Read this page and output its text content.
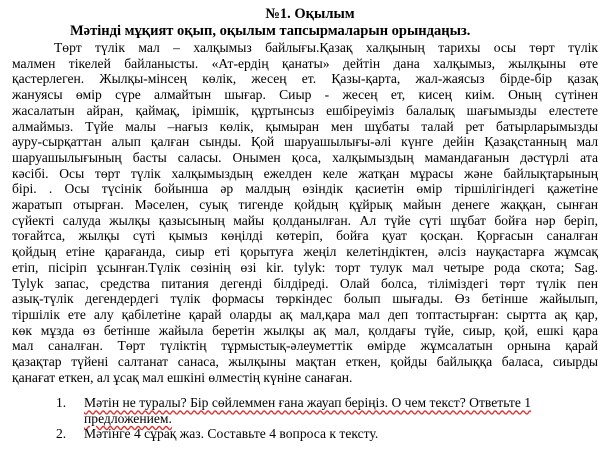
№1. Оқылым
Мәтінді мұқият оқып, оқылым тапсырмаларын орындаңыз.
Төрт түлік мал – халқымыз байлығы.Қазақ халқының тарихы осы төрт түлік
малмен тікелей байланысты. «Ат-ердің қанаты» дейтін дана халқымыз, жылқыны өте
қастерлеген. Жылқы-мінсең көлік, жесең ет. Қазы-қарта, жал-жаясыз бірде-бір қазақ
жануясы өмір сүре алмайтын шығар. Сиыр - жесең ет, кисең киім. Оның сүтінен
жасалатын айран, қаймақ, ірімшік, құртынсыз ешбіреуіміз балалық шағымызды елестете
алмаймыз. Түйе малы –нағыз көлік, қымыран мен шұбаты талай рет батырларымызды
ауру-сырқаттан алып қалған сынды. Қой шаруашылығы-әлі күнге дейін Қазақстанның мал
шаруашылығының басты саласы. Онымен қоса, халқымыздың мамандағанын дәстүрлі ата
кәсібі. Осы төрт түлік халқымыздың ежелден келе жатқан мұрасы және байлықтарының
бірі. . Осы түсінік бойынша әр малдың өзіндік қасиетін өмір тіршілігіндегі қажетіне
жаратып отырған. Мәселен, суық тигенде қойдың құйрық майын денеге жаққан, сынған
сүйекті салуда жылқы қазысының майы қолданылған. Ал түйе сүті шұбат бойға нәр беріп,
тоғайтса, жылқы сүті қымыз көңілді көтеріп, бойға қуат қосқан. Қорғасын саналған
қойдың етіне қарағанда, сиыр еті қорытуға жеңіл келетіндіктен, әлсіз науқастарға жұмсақ
етіп, пісіріп ұсынған.Түлік сөзінің өзі kir. tylyk: торт тулук мал четыре рода скота; Sag.
Tylyk запас, средства питания дегенді білдіреді. Олай болса, тіліміздегі төрт түлік пен
азық-түлік дегендердегі түлік формасы төркіндес болып шығады. Өз бетінше жайылып,
тіршілік ете алу қабілетіне қарай оларды ақ мал,қара мал деп топтастырған: сыртта ақ қар,
көк мұзда өз бетінше жайыла беретін жылқы ақ мал, қолдағы түйе, сиыр, қой, ешкі қара
мал саналған. Төрт түліктің тұрмыстық-әлеуметтік өмірде жұмсалатын орнына қарай
қазақтар түйені салтанат санаса, жылқыны мақтан еткен, қойды байлыққа баласа, сиырды
қанағат еткен, ал ұсақ мал ешкіні өлместің күніне санаған.
1. Мәтін не туралы? Бір сөйлеммен ғана жауап беріңіз. О чем текст? Ответьте 1 предложением.
2. Мәтінге 4 сұрақ жаз. Составьте 4 вопроса к тексту.
